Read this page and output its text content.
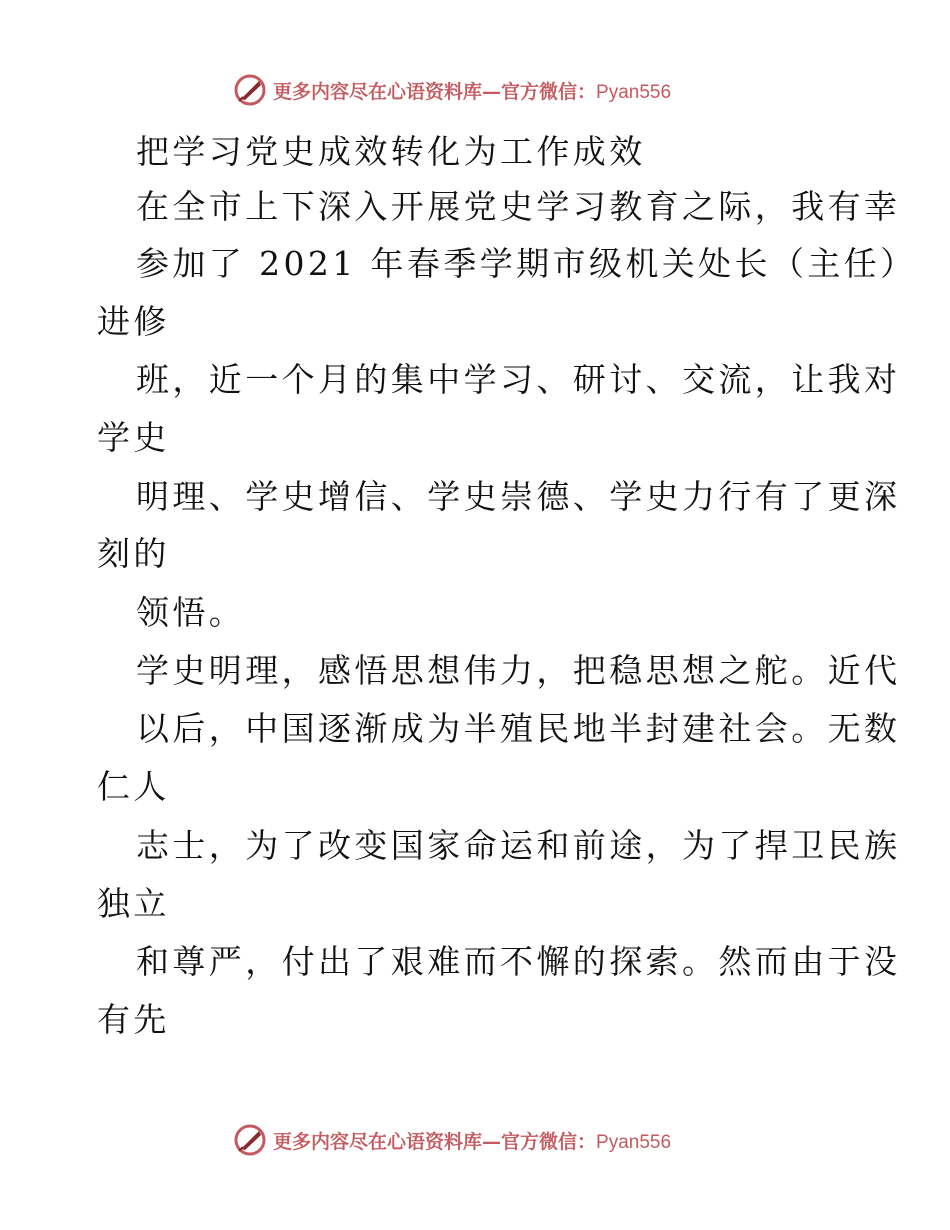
更多内容尽在心语资料库—官方微信：Pyan556
把学习党史成效转化为工作成效
在全市上下深入开展党史学习教育之际，我有幸
参加了 2021 年春季学期市级机关处长（主任）
进修
班，近一个月的集中学习、研讨、交流，让我对
学史
明理、学史增信、学史崇德、学史力行有了更深
刻的
领悟。
学史明理，感悟思想伟力，把稳思想之舵。近代
以后，中国逐渐成为半殖民地半封建社会。无数
仁人
志士，为了改变国家命运和前途，为了捍卫民族
独立
和尊严，付出了艰难而不懈的探索。然而由于没
有先
更多内容尽在心语资料库—官方微信：Pyan556
